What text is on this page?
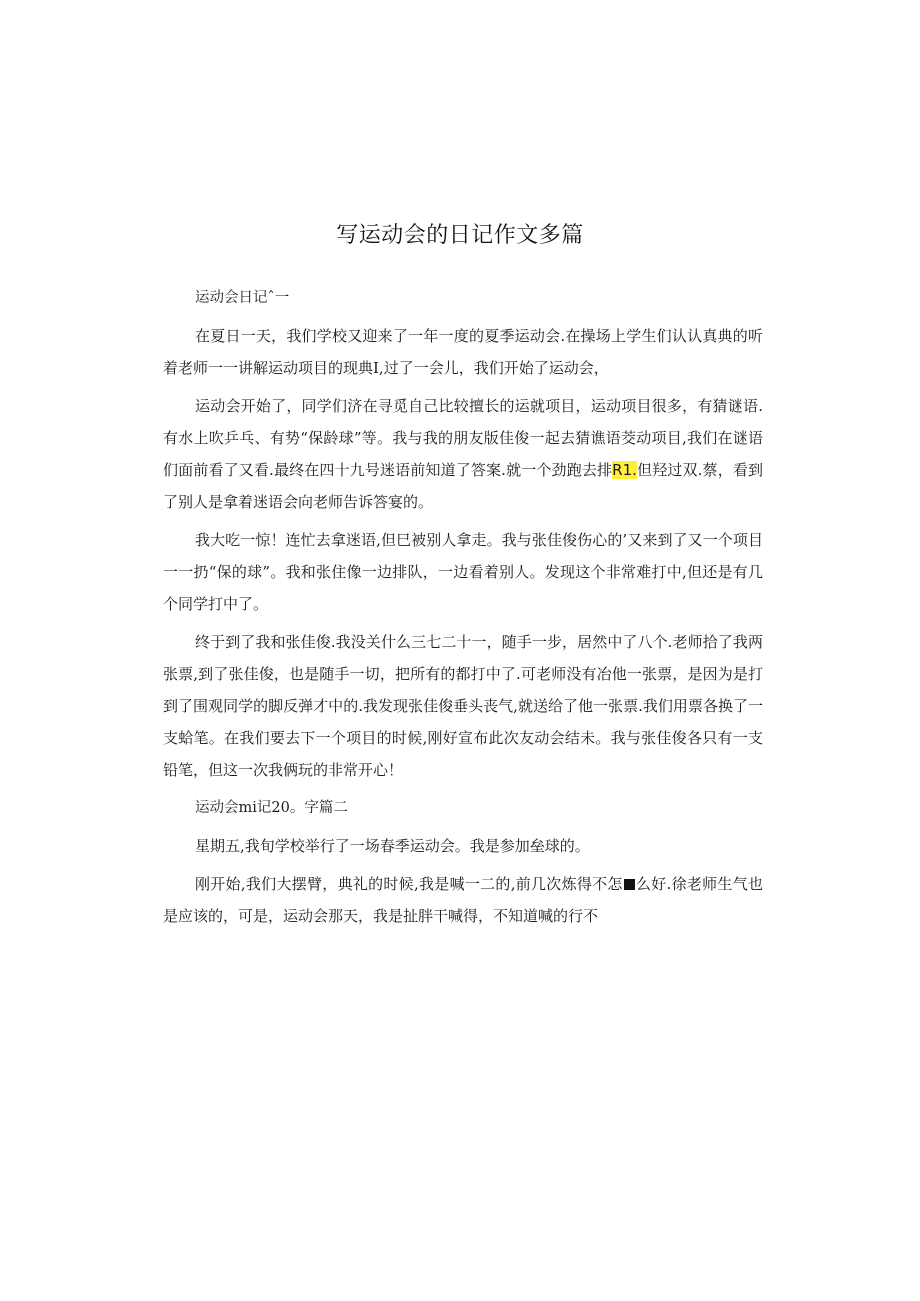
写运动会的日记作文多篇

运动会日记ˆ一

在夏日一天，我们学校又迎来了一年一度的夏季运动会.在操场上学生们认认真典的听着老师一一讲解运动项目的现典I,过了一会儿，我们开始了运动会，

运动会开始了，同学们济在寻觅自己比较擅长的运就项目，运动项目很多，有猜谜语.有水上吹乒乓、有势“保龄球”等。我与我的朋友版佳俊一起去猜谯语茭动项目,我们在谜语们面前看了又看.最终在四十九号迷语前知道了答案.就一个劲跑去排R1.但羟过双.蔡，看到了别人是拿着迷语会向老师告诉答宴的。

我大吃一惊！连忙去拿迷语,但巳被别人拿走。我与张佳俊伤心的’又来到了又一个项目一一扔“保的球”。我和张住像一边排队，一边看着别人。发现这个非常难打中,但还是有几个同学打中了。

终于到了我和张佳俊.我没关什么三七二十一，随手一步，居然中了八个.老师拾了我两张票,到了张佳俊，也是随手一切，把所有的都打中了.可老师没有冶他一张票，是因为是打到了围观同学的脚反弹才中的.我发现张佳俊垂头丧气,就送给了他一张票.我们用票各换了一支蛤笔。在我们要去下一个项目的时候,刚好宣布此次友动会结未。我与张佳俊各只有一支铅笔，但这一次我俩玩的非常开心！

运动会mi记20。字篇二

星期五,我旬学校举行了一场春季运动会。我是参加垒球的。

刚开始,我们大摆臂，典礼的时候,我是喊一二的,前几次炼得不怎 么好.徐老师生气也是应该的，可是，运动会那天，我是扯胖干喊得，不知道喊的行不
